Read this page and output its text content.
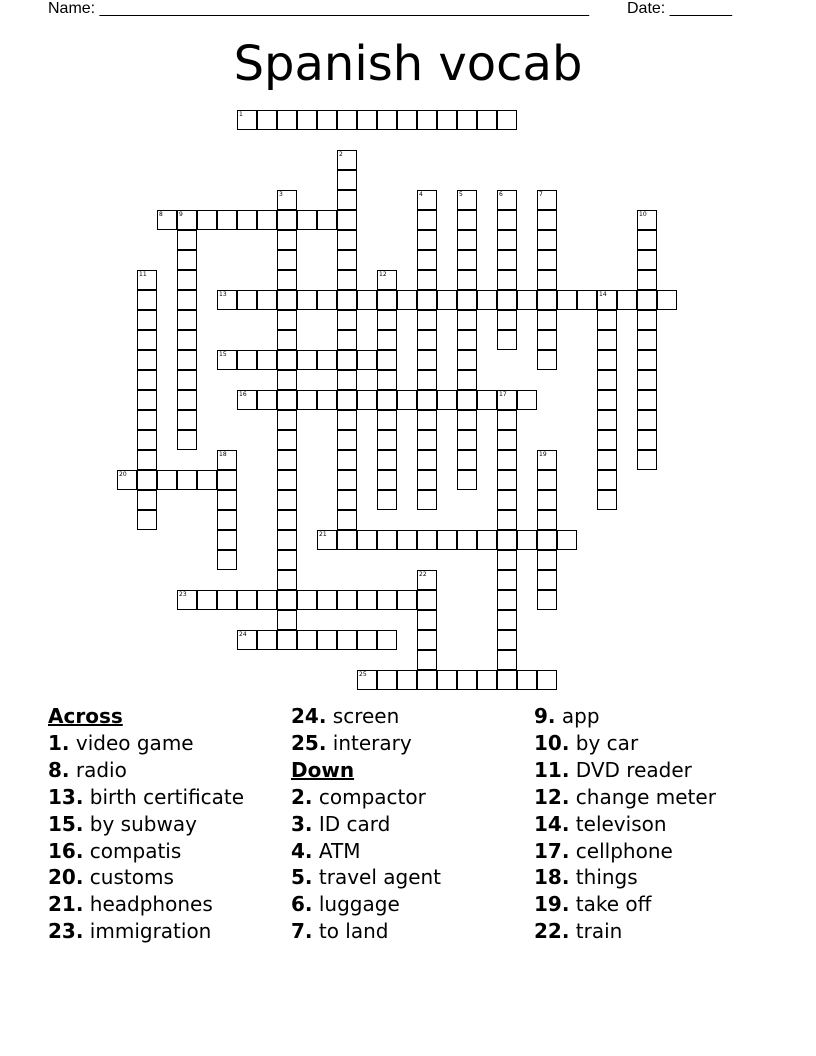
Name: _______________________________________________________ Date: _______
Spanish vocab
1
8	9
13	14
15
16	17
20
21
23
24
25
2
3	4	5	6	7
10
11	12
18	19
22
Across
1. video game
8. radio
13. birth certificate
15. by subway
16. compatis
20. customs
21. headphones
23. immigration
24. screen
25. interary
Down
2. compactor
3. ID card
4. ATM
5. travel agent
6. luggage
7. to land
9. app
10. by car
11. DVD reader
12. change meter
14. televison
17. cellphone
18. things
19. take off
22. train
